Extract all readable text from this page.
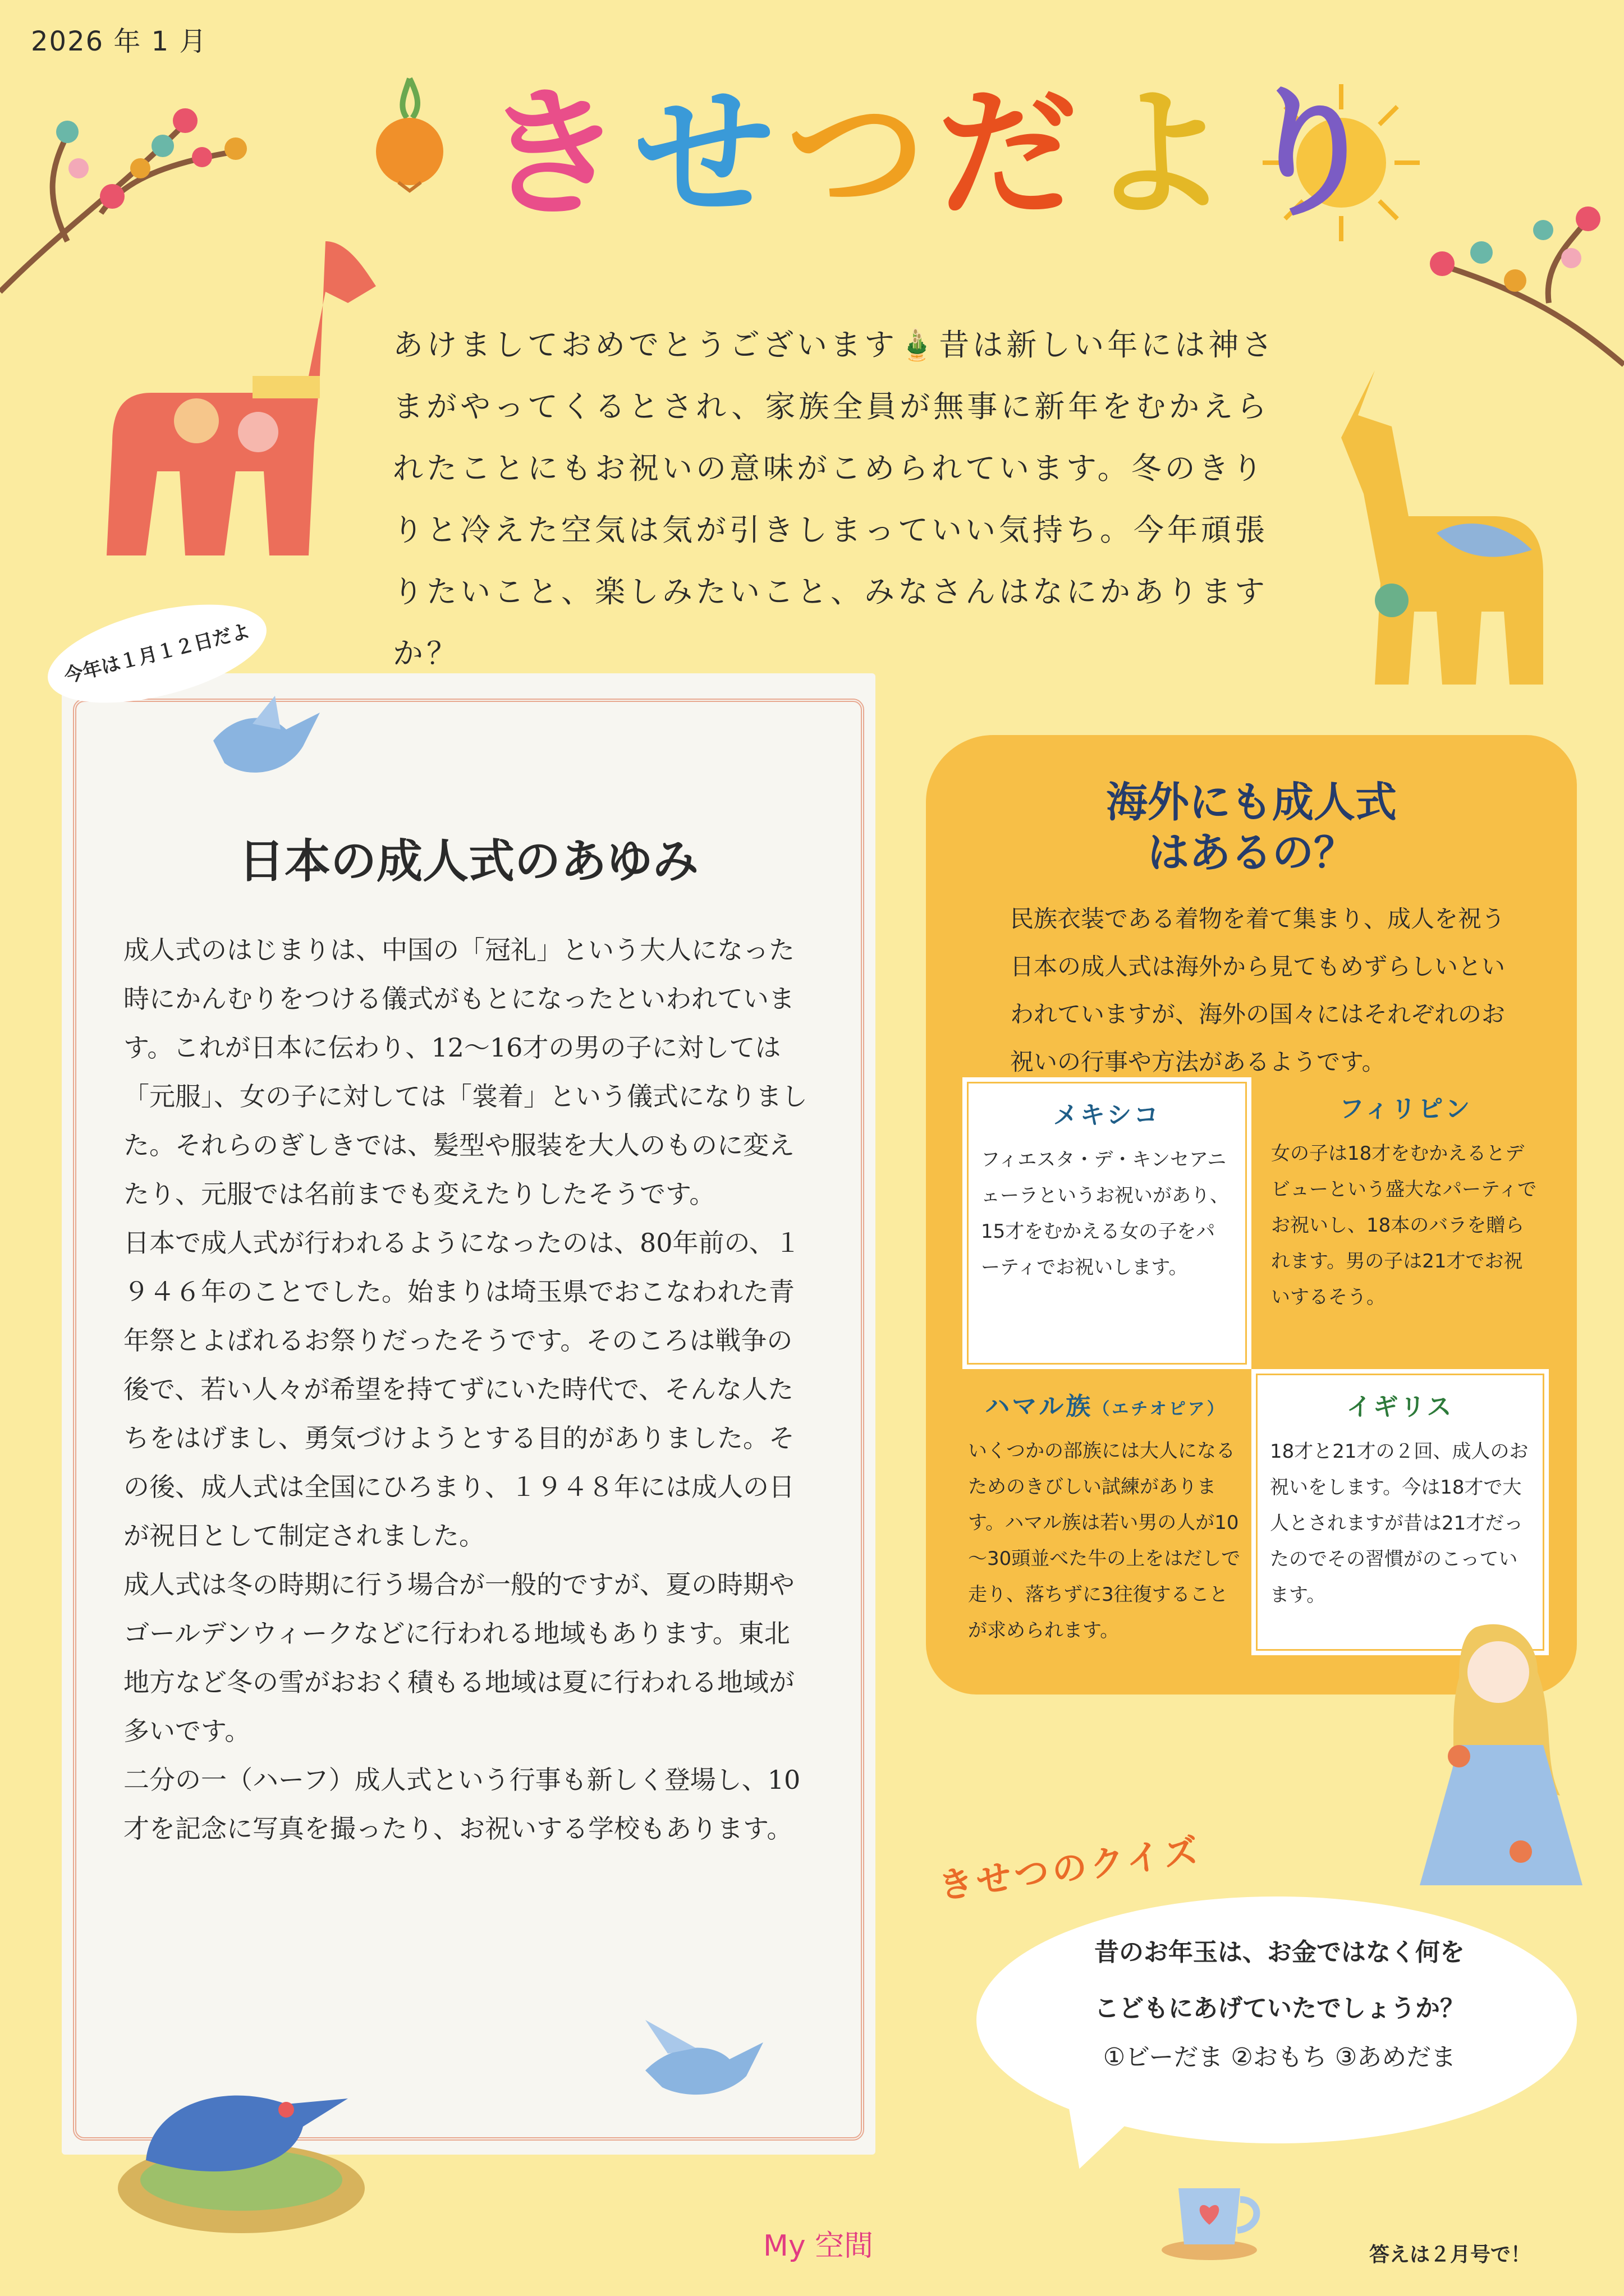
2026 年 1 月
き せ つ だ よ り
あけましておめでとうございます🎍昔は新しい年には神さまがやってくるとされ、家族全員が無事に新年をむかえられたことにもお祝いの意味がこめられています。冬のきりりと冷えた空気は気が引きしまっていい気持ち。今年頑張りたいこと、楽しみたいこと、みなさんはなにかありますか？
今年は１月１２日だよ
日本の成人式のあゆみ

成人式のはじまりは、中国の「冠礼」という大人になった時にかんむりをつける儀式がもとになったといわれています。これが日本に伝わり、12～16才の男の子に対しては「元服」、女の子に対しては「裳着」という儀式になりました。それらのぎしきでは、髪型や服装を大人のものに変えたり、元服では名前までも変えたりしたそうです。

日本で成人式が行われるようになったのは、80年前の、１９４６年のことでした。始まりは埼玉県でおこなわれた青年祭とよばれるお祭りだったそうです。そのころは戦争の後で、若い人々が希望を持てずにいた時代で、そんな人たちをはげまし、勇気づけようとする目的がありました。その後、成人式は全国にひろまり、１９４８年には成人の日が祝日として制定されました。

成人式は冬の時期に行う場合が一般的ですが、夏の時期やゴールデンウィークなどに行われる地域もあります。東北地方など冬の雪がおおく積もる地域は夏に行われる地域が多いです。

二分の一（ハーフ）成人式という行事も新しく登場し、10才を記念に写真を撮ったり、お祝いする学校もあります。

海外にも成人式
はあるの？
民族衣装である着物を着て集まり、成人を祝う日本の成人式は海外から見てもめずらしいといわれていますが、海外の国々にはそれぞれのお祝いの行事や方法があるようです。
メキシコ

フィエスタ・デ・キンセアニェーラというお祝いがあり、15才をむかえる女の子をパーティでお祝いします。

フィリピン

女の子は18才をむかえるとデビューという盛大なパーティでお祝いし、18本のバラを贈られます。男の子は21才でお祝いするそう。

ハマル族（エチオピア）

いくつかの部族には大人になるためのきびしい試練があります。ハマル族は若い男の人が10～30頭並べた牛の上をはだしで走り、落ちずに3往復することが求められます。

イギリス

18才と21才の２回、成人のお祝いをします。今は18才で大人とされますが昔は21才だったのでその習慣がのこっています。

きせつのクイズ
昔のお年玉は、お金ではなく何を
こどもにあげていたでしょうか？
①ビーだま ②おもち ③あめだま
My 空間	答えは２月号で！
